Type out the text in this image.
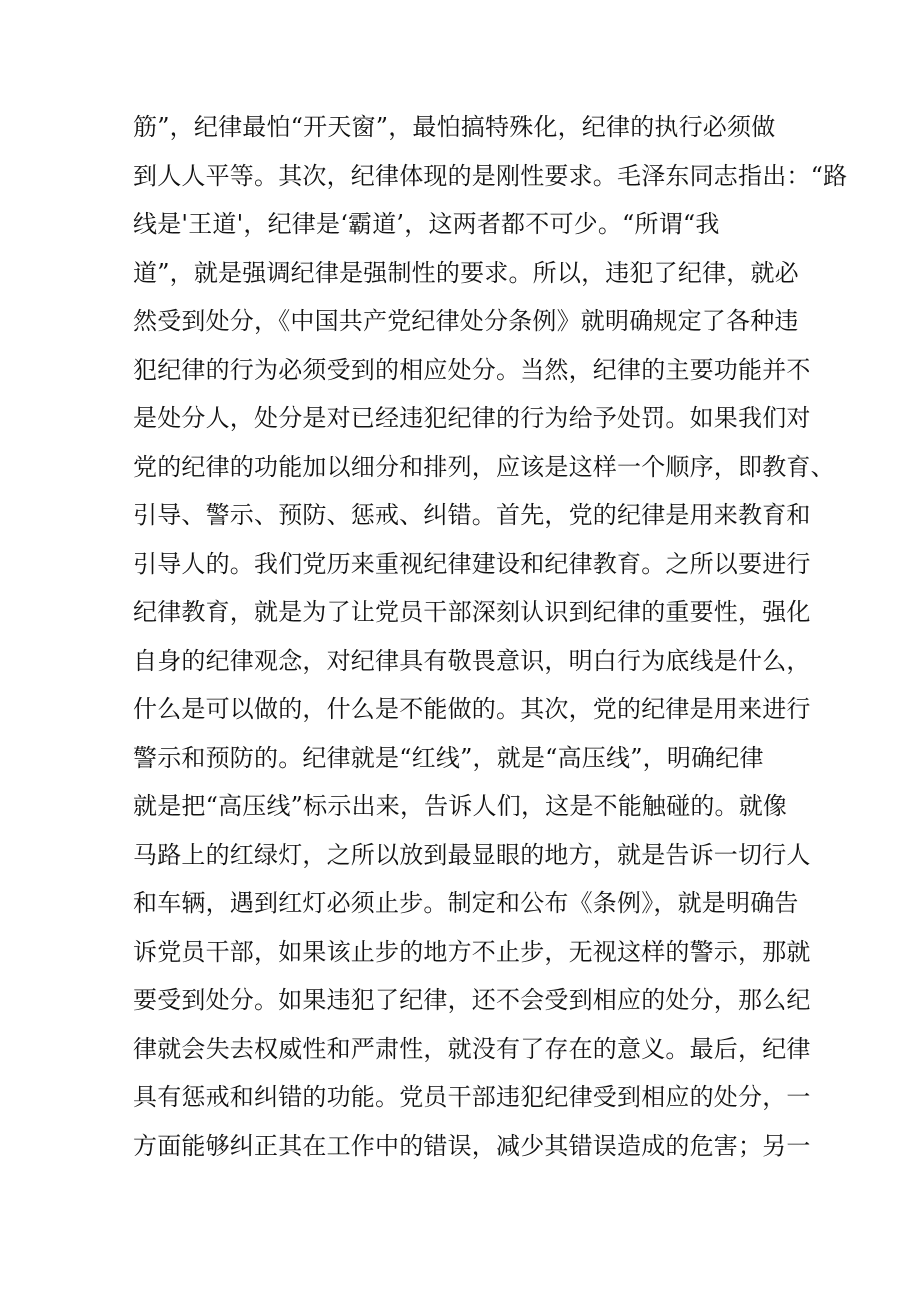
筋”，纪律最怕“开天窗”，最怕搞特殊化，纪律的执行必须做
到人人平等。其次，纪律体现的是刚性要求。毛泽东同志指出：“路
线是'王道'，纪律是‘霸道’，这两者都不可少。“所谓“我
道”，就是强调纪律是强制性的要求。所以，违犯了纪律，就必
然受到处分，《中国共产党纪律处分条例》就明确规定了各种违
犯纪律的行为必须受到的相应处分。当然，纪律的主要功能并不
是处分人，处分是对已经违犯纪律的行为给予处罚。如果我们对
党的纪律的功能加以细分和排列，应该是这样一个顺序，即教育、
引导、警示、预防、惩戒、纠错。首先，党的纪律是用来教育和
引导人的。我们党历来重视纪律建设和纪律教育。之所以要进行
纪律教育，就是为了让党员干部深刻认识到纪律的重要性，强化
自身的纪律观念，对纪律具有敬畏意识，明白行为底线是什么，
什么是可以做的，什么是不能做的。其次，党的纪律是用来进行
警示和预防的。纪律就是“红线”，就是“高压线”，明确纪律
就是把“高压线”标示出来，告诉人们，这是不能触碰的。就像
马路上的红绿灯，之所以放到最显眼的地方，就是告诉一切行人
和车辆，遇到红灯必须止步。制定和公布《条例》，就是明确告
诉党员干部，如果该止步的地方不止步，无视这样的警示，那就
要受到处分。如果违犯了纪律，还不会受到相应的处分，那么纪
律就会失去权威性和严肃性，就没有了存在的意义。最后，纪律
具有惩戒和纠错的功能。党员干部违犯纪律受到相应的处分，一
方面能够纠正其在工作中的错误，减少其错误造成的危害；另一
